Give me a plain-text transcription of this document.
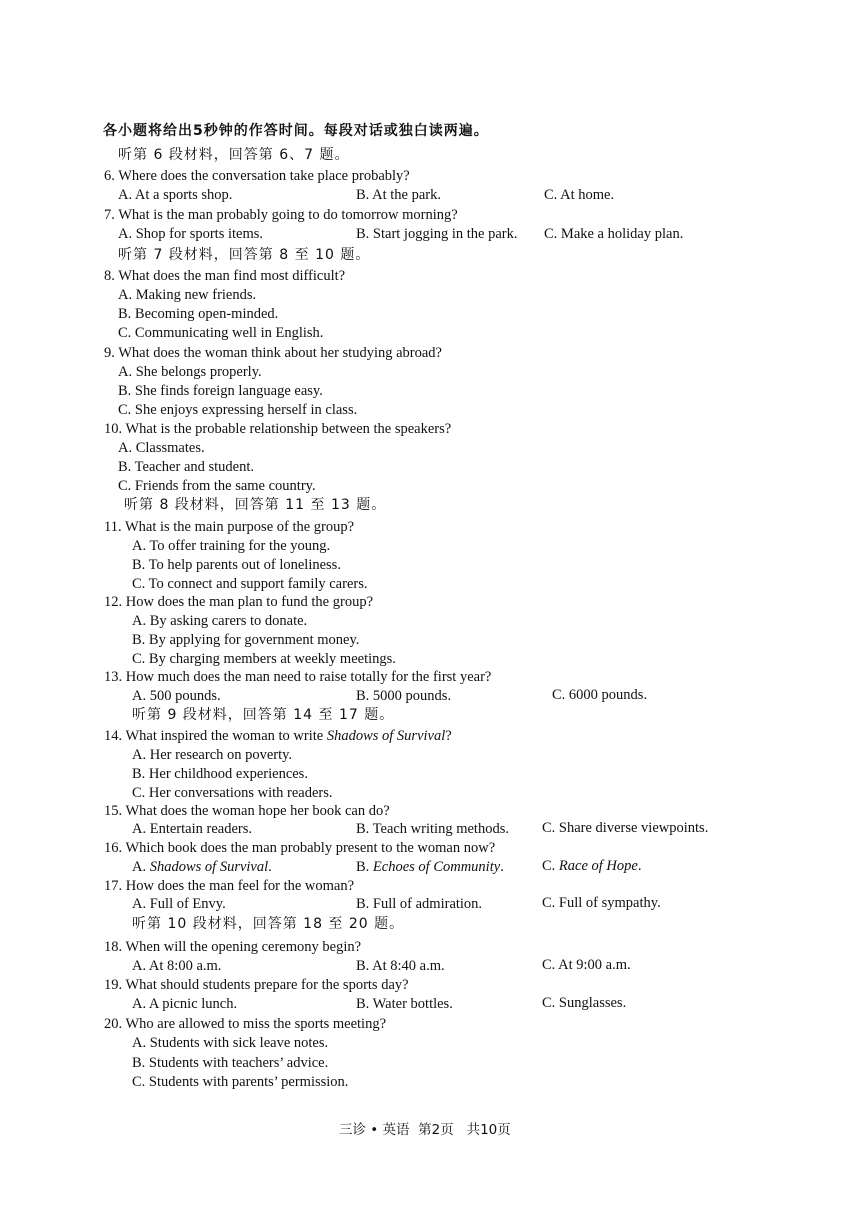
各小题将给出5秒钟的作答时间。每段对话或独白读两遍。
听第 6 段材料，回答第 6、7 题。
6. Where does the conversation take place probably?
A. At a sports shop.	B. At the park.	C. At home.
7. What is the man probably going to do tomorrow morning?
A. Shop for sports items.	B. Start jogging in the park. C. Make a holiday plan.
听第 7 段材料，回答第 8 至 10 题。
8. What does the man find most difficult?
A. Making new friends.
B. Becoming open-minded.
C. Communicating well in English.
9. What does the woman think about her studying abroad?
A. She belongs properly.
B. She finds foreign language easy.
C. She enjoys expressing herself in class.
10. What is the probable relationship between the speakers?
A. Classmates.
B. Teacher and student.
C. Friends from the same country.
听第 8 段材料，回答第 11 至 13 题。
11. What is the main purpose of the group?
A. To offer training for the young.
B. To help parents out of loneliness.
C. To connect and support family carers.
12. How does the man plan to fund the group?
A. By asking carers to donate.
B. By applying for government money.
C. By charging members at weekly meetings.
13. How much does the man need to raise totally for the first year?
A. 500 pounds.	B. 5000 pounds.	C. 6000 pounds.
听第 9 段材料，回答第 14 至 17 题。
14. What inspired the woman to write Shadows of Survival?
A. Her research on poverty.
B. Her childhood experiences.
C. Her conversations with readers.
15. What does the woman hope her book can do?
A. Entertain readers.	B. Teach writing methods. C. Share diverse viewpoints.
16. Which book does the man probably present to the woman now?
A. Shadows of Survival.	B. Echoes of Community.	C. Race of Hope.
17. How does the man feel for the woman?
A. Full of Envy.	B. Full of admiration.	C. Full of sympathy.
听第 10 段材料，回答第 18 至 20 题。
18. When will the opening ceremony begin?
A. At 8:00 a.m.	B. At 8:40 a.m.	C. At 9:00 a.m.
19. What should students prepare for the sports day?
A. A picnic lunch.	B. Water bottles.	C. Sunglasses.
20. Who are allowed to miss the sports meeting?
A. Students with sick leave notes.
B. Students with teachers’ advice.
C. Students with parents’ permission.
三诊 • 英语  第2页   共10页
